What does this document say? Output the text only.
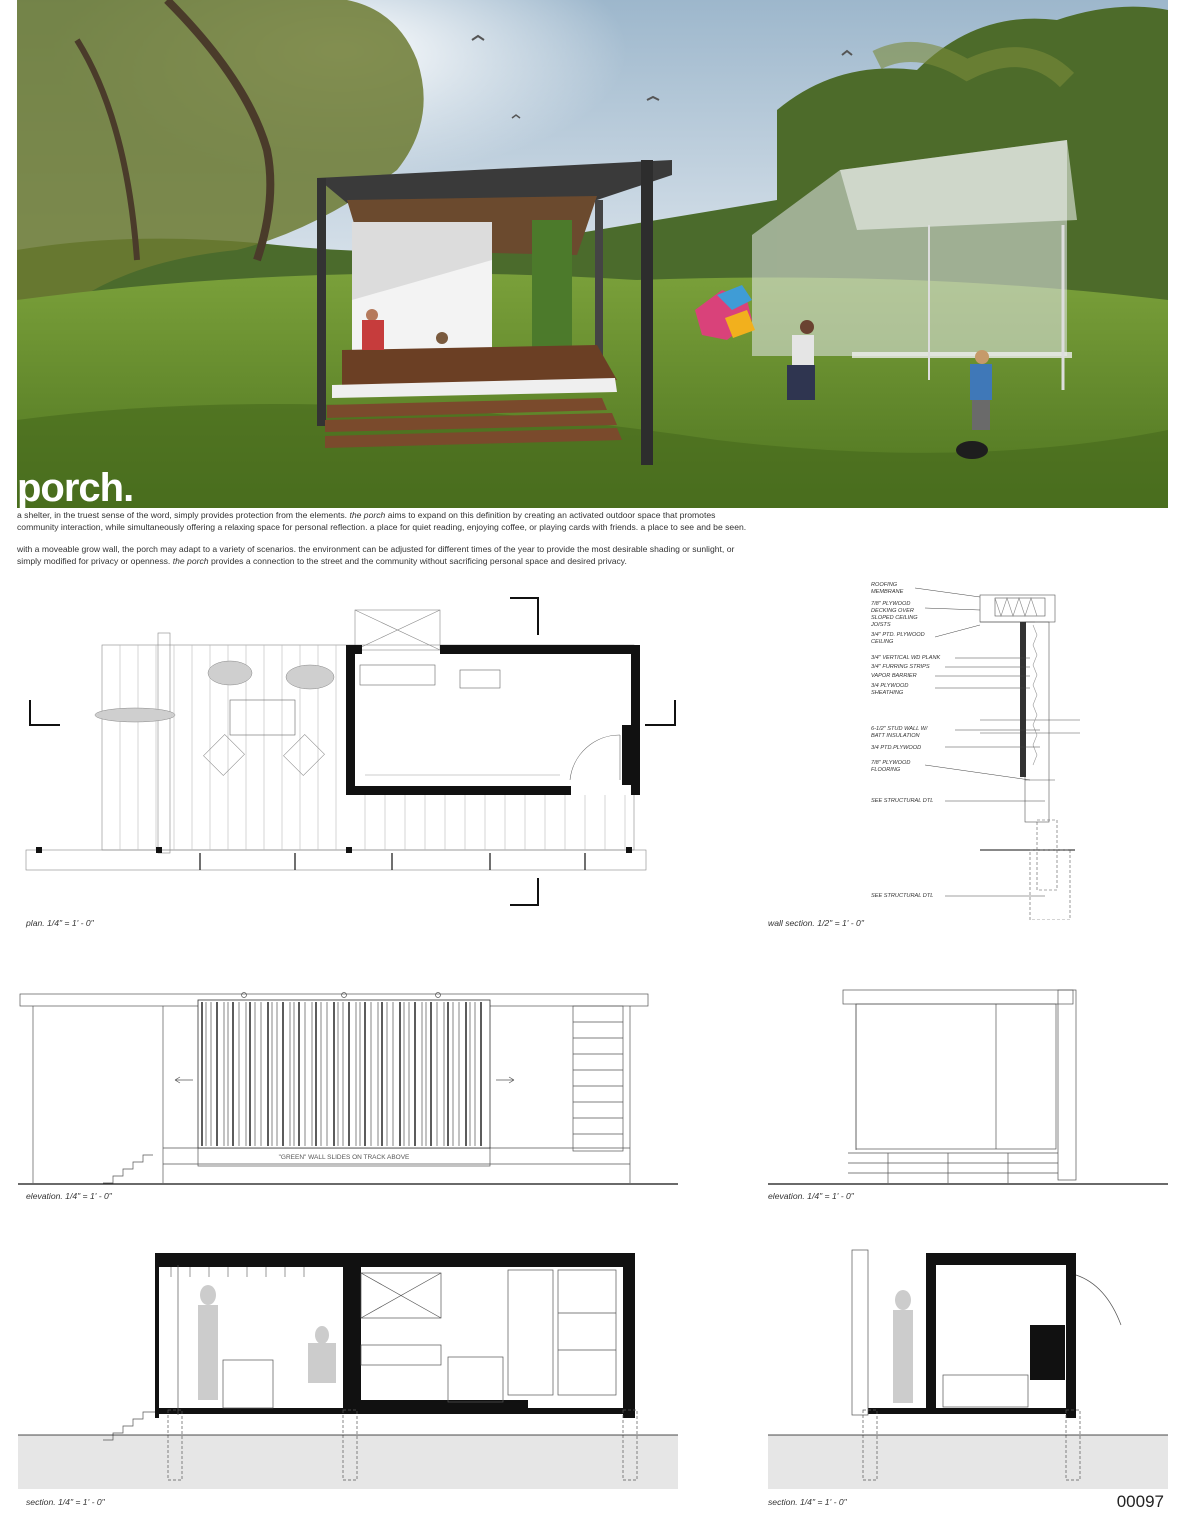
porch.

a shelter, in the truest sense of the word, simply provides protection from the elements. the porch aims to expand on this definition by creating an activated outdoor space that promotes community interaction, while simultaneously offering a relaxing space for personal reflection. a place for quiet reading, enjoying coffee, or playing cards with friends. a place to see and be seen.

with a moveable grow wall, the porch may adapt to a variety of scenarios. the environment can be adjusted for different times of the year to provide the most desirable shading or sunlight, or simply modified for privacy or openness. the porch provides a connection to the street and the community without sacrificing personal space and desired privacy.

plan. 1/4" = 1' - 0"
ROOFING MEMBRANE 7/8" PLYWOOD DECKING OVER SLOPED CEILING JOISTS 3/4" PTD. PLYWOOD CEILING 3/4" VERTICAL WD PLANK 3/4" FURRING STRIPS VAPOR BARRIER 3/4 PLYWOOD SHEATHING 6-1/2" STUD WALL W/ BATT INSULATION 3/4 PTD.PLYWOOD 7/8" PLYWOOD FLOORING SEE STRUCTURAL DTL SEE STRUCTURAL DTL
wall section. 1/2" = 1' - 0"
"GREEN" WALL SLIDES ON TRACK ABOVE
elevation. 1/4" = 1' - 0"	elevation. 1/4" = 1' - 0"
section. 1/4" = 1' - 0"	section. 1/4" = 1' - 0"	00097
